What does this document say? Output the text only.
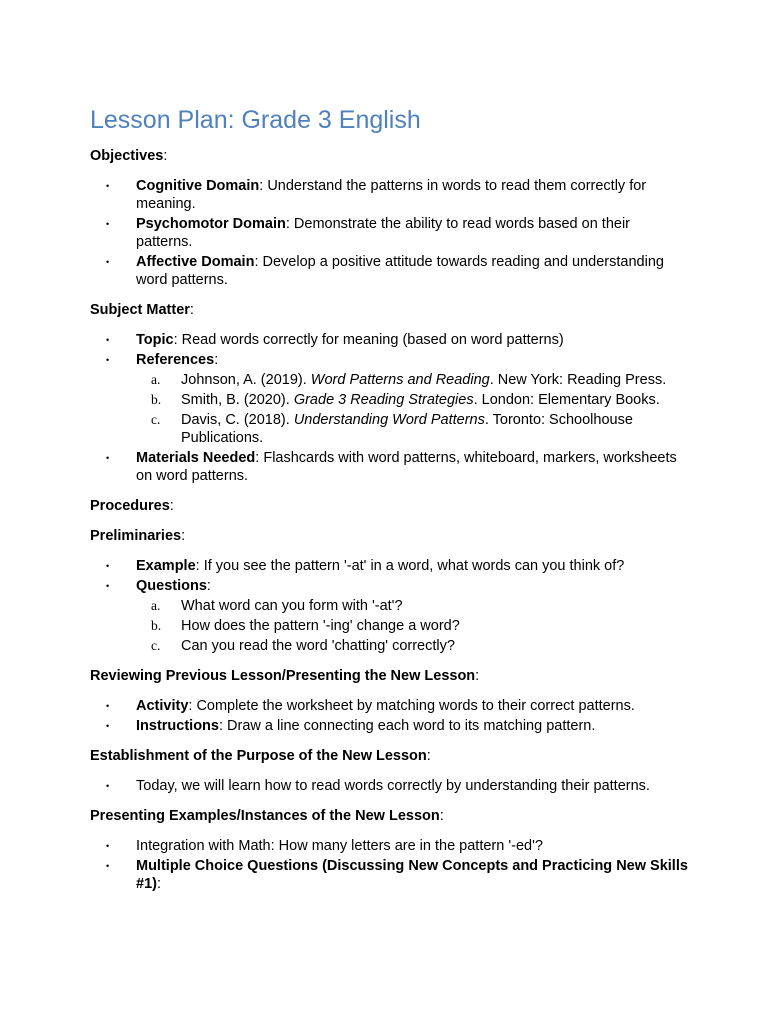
Lesson Plan: Grade 3 English

Objectives:

• Cognitive Domain: Understand the patterns in words to read them correctly for meaning.
• Psychomotor Domain: Demonstrate the ability to read words based on their patterns.
• Affective Domain: Develop a positive attitude towards reading and understanding word patterns.

Subject Matter:

• Topic: Read words correctly for meaning (based on word patterns)
• References:
a. Johnson, A. (2019). Word Patterns and Reading. New York: Reading Press.
b. Smith, B. (2020). Grade 3 Reading Strategies. London: Elementary Books.
c. Davis, C. (2018). Understanding Word Patterns. Toronto: Schoolhouse Publications.
• Materials Needed: Flashcards with word patterns, whiteboard, markers, worksheets on word patterns.

Procedures:

Preliminaries:

• Example: If you see the pattern '-at' in a word, what words can you think of?
• Questions:
a. What word can you form with '-at'?
b. How does the pattern '-ing' change a word?
c. Can you read the word 'chatting' correctly?

Reviewing Previous Lesson/Presenting the New Lesson:

• Activity: Complete the worksheet by matching words to their correct patterns.
• Instructions: Draw a line connecting each word to its matching pattern.

Establishment of the Purpose of the New Lesson:

• Today, we will learn how to read words correctly by understanding their patterns.

Presenting Examples/Instances of the New Lesson:

• Integration with Math: How many letters are in the pattern '-ed'?
• Multiple Choice Questions (Discussing New Concepts and Practicing New Skills #1):
